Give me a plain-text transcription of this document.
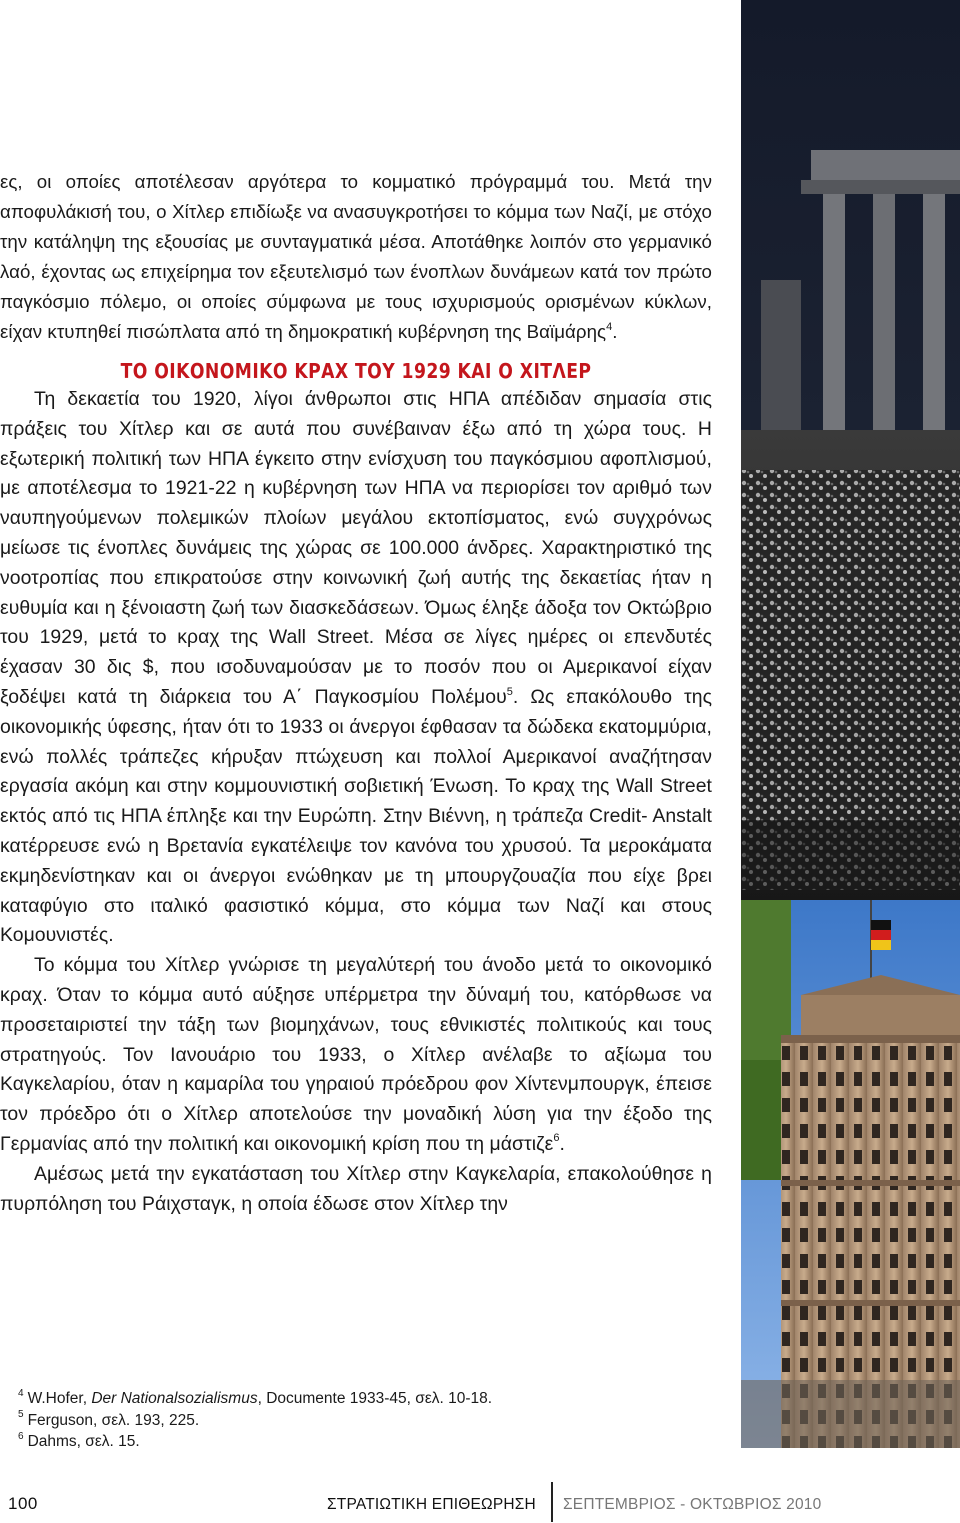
ες, οι οποίες αποτέλεσαν αργότερα το κομματικό πρόγραμμά του. Μετά την αποφυλάκισή του, ο Χίτλερ επιδίωξε να ανασυγκροτήσει το κόμμα των Ναζί, με στόχο την κατάληψη της εξουσίας με συνταγματικά μέσα. Αποτάθηκε λοιπόν στο γερμανικό λαό, έχοντας ως επιχείρημα τον εξευτελισμό των ένοπλων δυνάμεων κατά τον πρώτο παγκόσμιο πόλεμο, οι οποίες σύμφωνα με τους ισχυρισμούς ορισμένων κύκλων, είχαν κτυπηθεί πισώπλατα από τη δημοκρατική κυβέρνηση της Βαϊμάρης$^4$.

ΤΟ ΟΙΚΟΝΟΜΙΚΟ ΚΡΑΧ ΤΟΥ 1929 ΚΑΙ Ο ΧΙΤΛΕΡ

Τη δεκαετία του 1920, λίγοι άνθρωποι στις ΗΠΑ απέδιδαν σημασία στις πράξεις του Χίτλερ και σε αυτά που συνέβαιναν έξω από τη χώρα τους. Η εξωτερική πολιτική των ΗΠΑ έγκειτο στην ενίσχυση του παγκόσμιου αφοπλισμού, με αποτέλεσμα το 1921-22 η κυβέρνηση των ΗΠΑ να περιορίσει τον αριθμό των ναυπηγούμενων πολεμικών πλοίων μεγάλου εκτοπίσματος, ενώ συγχρόνως μείωσε τις ένοπλες δυνάμεις της χώρας σε 100.000 άνδρες. Χαρακτηριστικό της νοοτροπίας που επικρατούσε στην κοινωνική ζωή αυτής της δεκαετίας ήταν η ευθυμία και η ξένοιαστη ζωή των διασκεδάσεων. Όμως έληξε άδοξα τον Οκτώβριο του 1929, μετά το κραχ της Wall Street. Μέσα σε λίγες ημέρες οι επενδυτές έχασαν 30 δις $, που ισοδυναμούσαν με το ποσόν που οι Αμερικανοί είχαν ξοδέψει κατά τη διάρκεια του Α΄ Παγκοσμίου Πολέμου$^5$. Ως επακόλουθο της οικονομικής ύφεσης, ήταν ότι το 1933 οι άνεργοι έφθασαν τα δώδεκα εκατομμύρια, ενώ πολλές τράπεζες κήρυξαν πτώχευση και πολλοί Αμερικανοί αναζήτησαν εργασία ακόμη και στην κομμουνιστική σοβιετική Ένωση. Το κραχ της Wall Street εκτός από τις ΗΠΑ έπληξε και την Ευρώπη. Στην Βιέννη, η τράπεζα Credit- Anstalt κατέρρευσε ενώ η Βρετανία εγκατέλειψε τον κανόνα του χρυσού. Τα μεροκάματα εκμηδενίστηκαν και οι άνεργοι ενώθηκαν με τη μπουργζουαζία που είχε βρει καταφύγιο στο ιταλικό φασιστικό κόμμα, στο κόμμα των Ναζί και στους Κομουνιστές.

Το κόμμα του Χίτλερ γνώρισε τη μεγαλύτερή του άνοδο μετά το οικονομικό κραχ. Όταν το κόμμα αυτό αύξησε υπέρμετρα την δύναμή του, κατόρθωσε να προσεταιριστεί την τάξη των βιομηχάνων, τους εθνικιστές πολιτικούς και τους στρατηγούς. Τον Ιανουάριο του 1933, ο Χίτλερ ανέλαβε το αξίωμα του Καγκελαρίου, όταν η καμαρίλα του γηραιού πρόεδρου φον Χίντενμπουργκ, έπεισε τον πρόεδρο ότι ο Χίτλερ αποτελούσε την μοναδική λύση για την έξοδο της Γερμανίας από την πολιτική και οικονομική κρίση που τη μάστιζε$^6$.

Αμέσως μετά την εγκατάσταση του Χίτλερ στην Καγκελαρία, επακολούθησε η πυρπόληση του Ράιχσταγκ, η οποία έδωσε στον Χίτλερ την

$^4$ W.Hofer, Der Nationalsozialismus, Documente 1933-45, σελ. 10-18.

$^5$ Ferguson, σελ. 193, 225.

$^6$ Dahms, σελ. 15.

100	ΣΤΡΑΤΙΩΤΙΚΗ ΕΠΙΘΕΩΡΗΣΗ ΣΕΠΤΕΜΒΡΙΟΣ - ΟΚΤΩΒΡΙΟΣ 2010
